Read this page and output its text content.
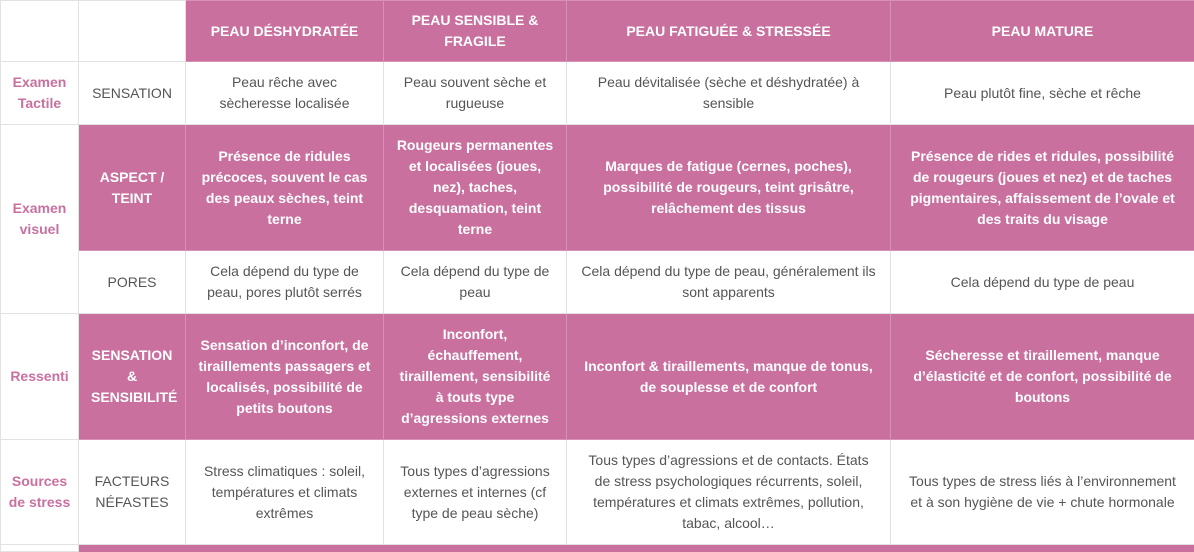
		PEAU DÉSHYDRATÉE	PEAU SENSIBLE & FRAGILE	PEAU FATIGUÉE & STRESSÉE	PEAU MATURE
Examen Tactile	SENSATION	Peau rêche avec sècheresse localisée	Peau souvent sèche et rugueuse	Peau dévitalisée (sèche et déshydratée) à sensible	Peau plutôt fine, sèche et rêche
Examen visuel	ASPECT / TEINT	Présence de ridules précoces, souvent le cas des peaux sèches, teint terne	Rougeurs permanentes et localisées (joues, nez), taches, desquamation, teint terne	Marques de fatigue (cernes, poches), possibilité de rougeurs, teint grisâtre, relâchement des tissus	Présence de rides et ridules, possibilité de rougeurs (joues et nez) et de taches pigmentaires, affaissement de l’ovale et des traits du visage
	PORES	Cela dépend du type de peau, pores plutôt serrés	Cela dépend du type de peau	Cela dépend du type de peau, généralement ils sont apparents	Cela dépend du type de peau
Ressenti	SENSATION & SENSIBILITÉ	Sensation d’inconfort, de tiraillements passagers et localisés, possibilité de petits boutons	Inconfort, échauffement, tiraillement, sensibilité à touts type d’agressions externes	Inconfort & tiraillements, manque de tonus, de souplesse et de confort	Sécheresse et tiraillement, manque d’élasticité et de confort, possibilité de boutons
Sources de stress	FACTEURS NÉFASTES	Stress climatiques : soleil, températures et climats extrêmes	Tous types d’agressions externes et internes (cf type de peau sèche)	Tous types d’agressions et de contacts. États de stress psychologiques récurrents, soleil, températures et climats extrêmes, pollution, tabac, alcool…	Tous types de stress liés à l’environnement et à son hygiène de vie + chute hormonale
